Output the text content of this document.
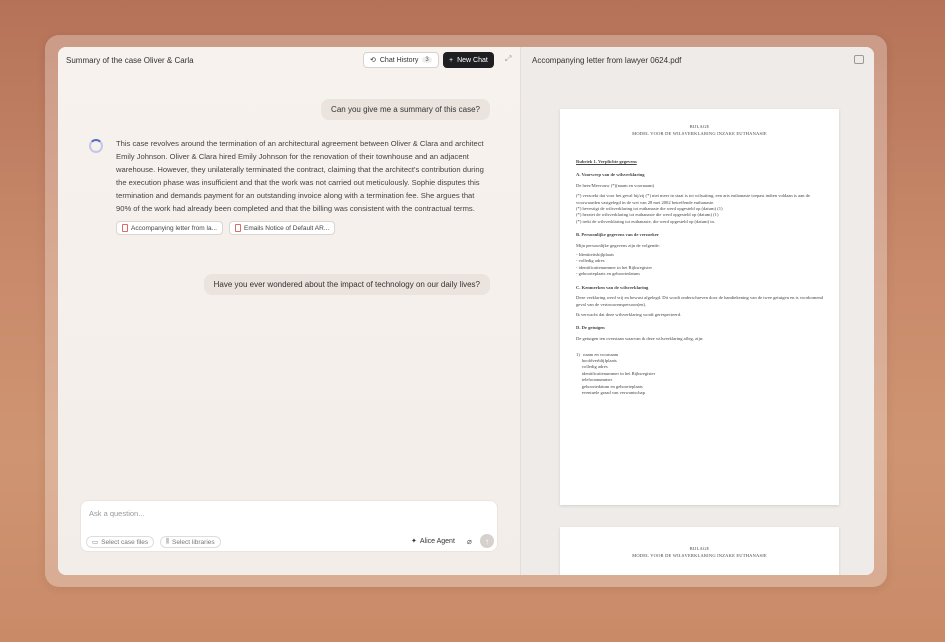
Summary of the case Oliver & Carla	⟲ Chat History	3	+ New Chat ⤢
Can you give me a summary of this case?
This case revolves around the termination of an architectural agreement between Oliver & Clara and architect Emily Johnson. Oliver & Clara hired Emily Johnson for the renovation of their townhouse and an adjacent warehouse. However, they unilaterally terminated the contract, claiming that the architect's contribution during the execution phase was insufficient and that the work was not carried out meticulously. Sophie disputes this termination and demands payment for an outstanding invoice along with a termination fee. She argues that 90% of the work had already been completed and that the billing was consistent with the contractual terms.
Accompanying letter from la...	Emails Notice of Default AR...
Have you ever wondered about the impact of technology on our daily lives?
Ask a question...
▭ Select case files	⫼ Select libraries	✦ Alice Agent ⌀ ↑
Accompanying letter from lawyer 0624.pdf
BIJLAGE
MODEL VOOR DE WILSVERKLARING INZAKE EUTHANASIE
Rubriek 1. Verplichte gegevens
A. Voorwerp van de wilsverklaring

De heer/Mevrouw (*)(naam en voornaam)

(*) verzoekt dat voor het geval hij/zij (*) niet meer in staat is tot wilsuiting, een arts euthanasie toepast indien voldaan is aan de voorwaarden vastgelegd in de wet van 28 mei 2002 betreffende euthanasie.

(*) bevestigt de wilsverklaring tot euthanasie die werd opgesteld op (datum) (1)
(*) herziet de wilsverklaring tot euthanasie die werd opgesteld op (datum) (1)
(*) trekt de wilsverklaring tot euthanasie, die werd opgesteld op (datum) in.
B. Persoonlijke gegevens van de verzoeker

Mijn persoonlijke gegevens zijn de volgende:

- Identiteitsbijlplaats
- volledig adres
- identificatienummer in het Rijksregister
- geboorteplaats en geboortedatum

C. Kenmerken van de wilsverklaring

Deze verklaring werd vrij en bewust afgelegd. Dit wordt onderschreven door de handtekening van de twee getuigen en is voorkomend geval van de vertrouwenspersoon(en).

Ik verwacht dat deze wilsverklaring wordt gerespecteerd.

D. De getuigen

De getuigen ten overstaan waarvan ik deze wilsverklaring afleg, zijn:

1)   naam en voornaam
hoofdverblijfplaats
volledig adres
identificatienummer in het Rijksregister
telefoonnummer
geboortedatum en geboorteplaats
eventuele graad van verwantschap

BIJLAGE
MODEL VOOR DE WILSVERKLARING INZAKE EUTHANASIE
